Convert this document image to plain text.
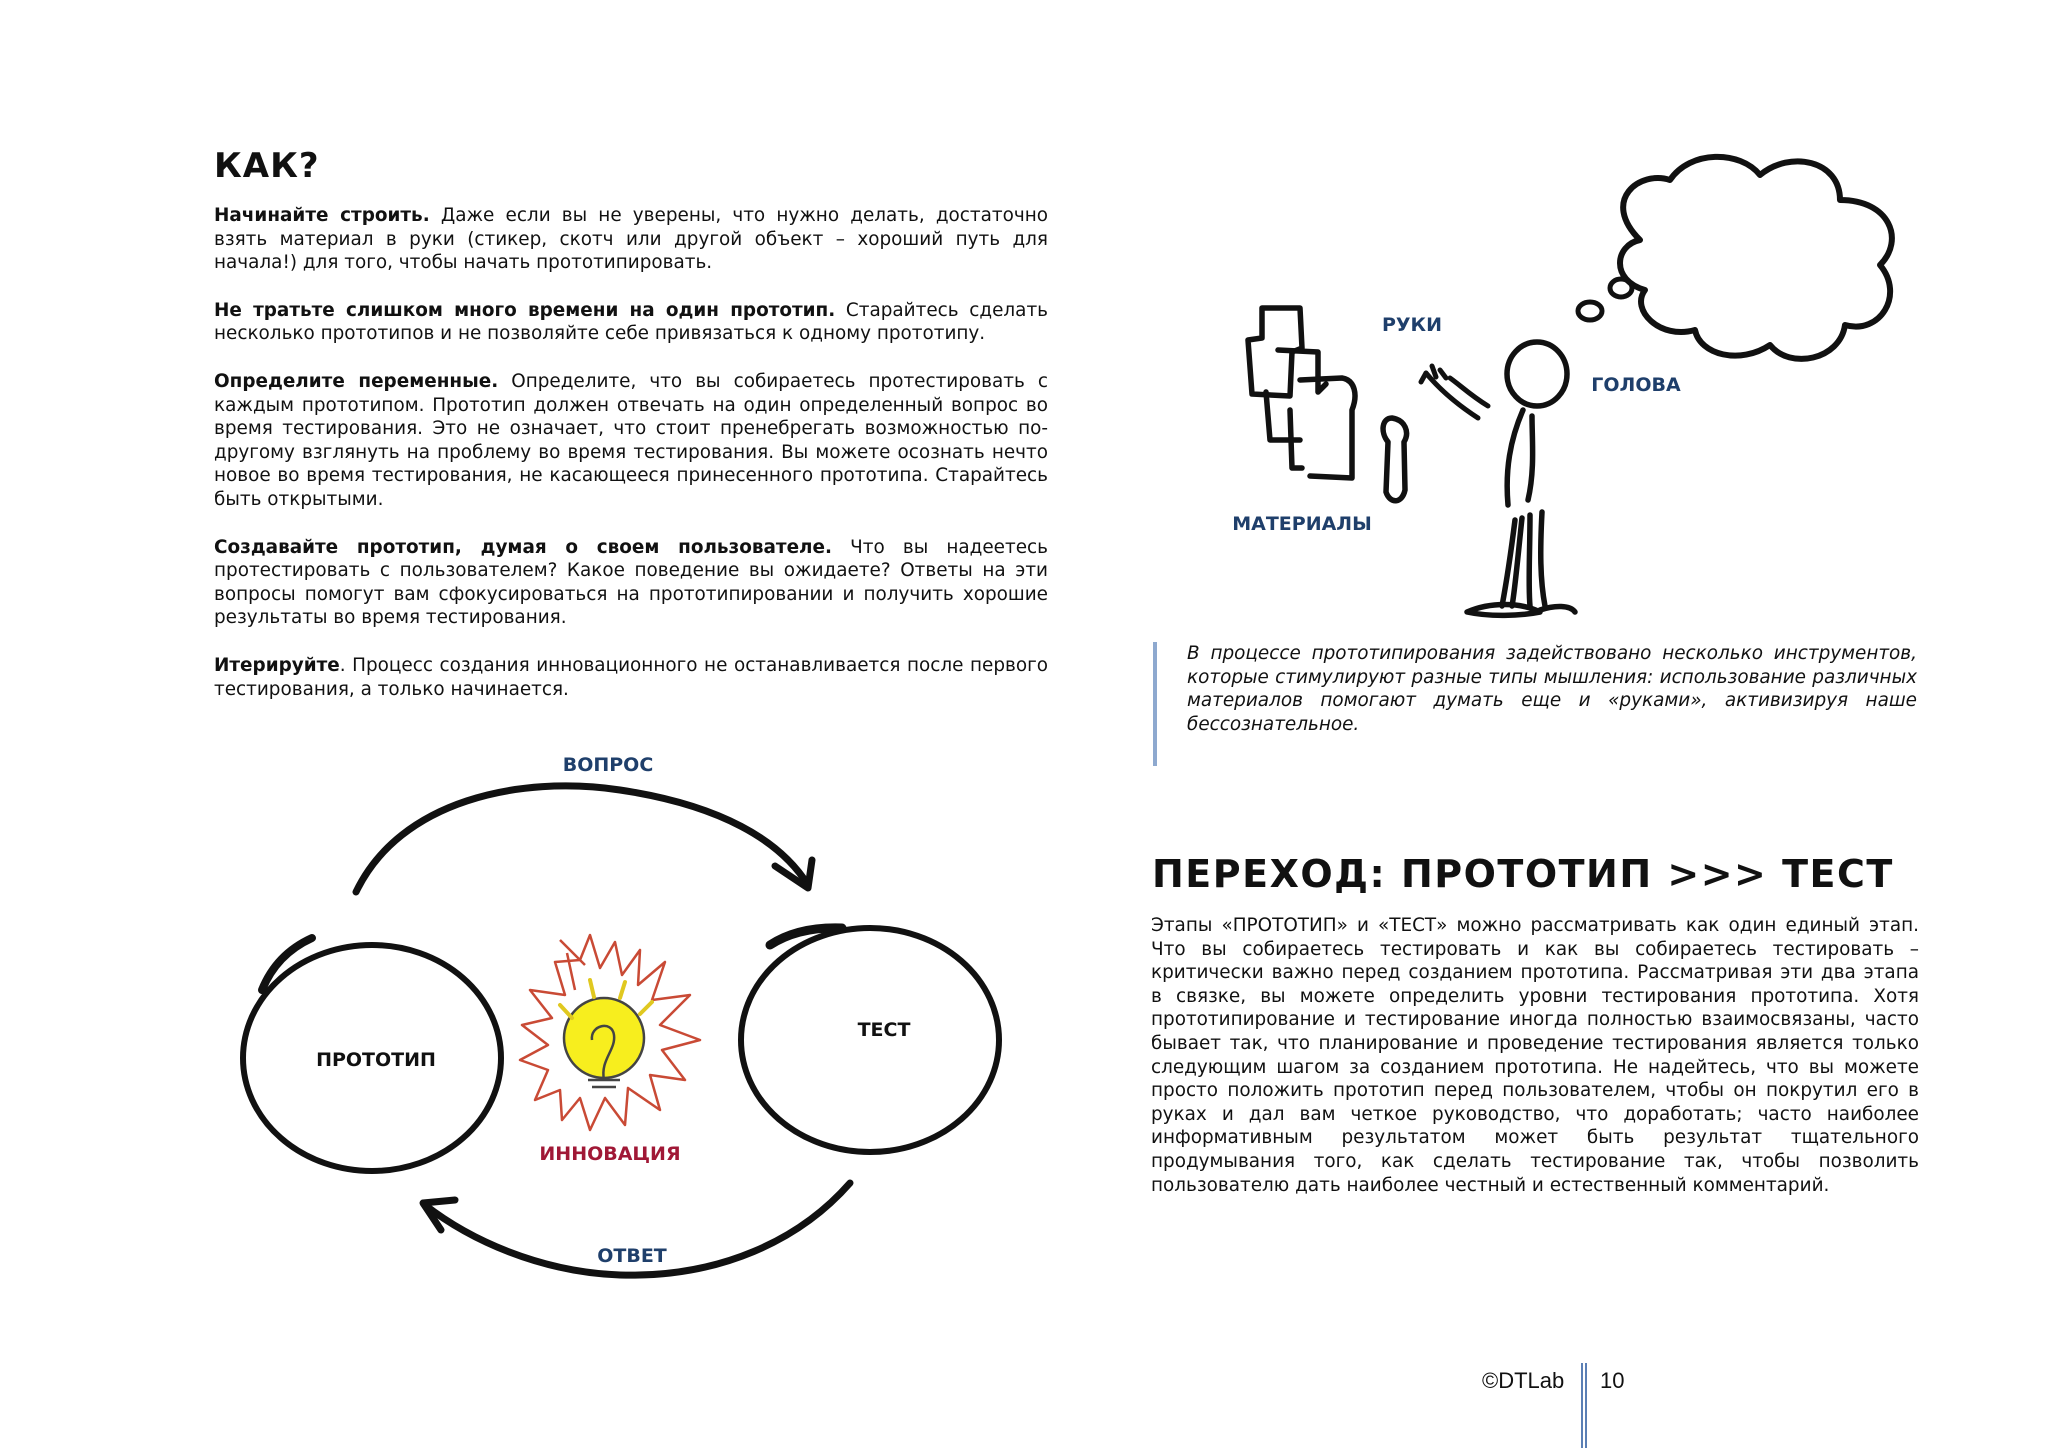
КАК?

Начинайте строить. Даже если вы не уверены, что нужно делать, достаточно взять материал в руки (стикер, скотч или другой объект – хороший путь для начала!) для того, чтобы начать прототипировать.

Не тратьте слишком много времени на один прототип. Старайтесь сделать несколько прототипов и не позволяйте себе привязаться к одному прототипу.

Определите переменные. Определите, что вы собираетесь протестировать с каждым прототипом. Прототип должен отвечать на один определенный вопрос во время тестирования. Это не означает, что стоит пренебрегать возможностью по-другому взглянуть на проблему во время тестирования. Вы можете осознать нечто новое во время тестирования, не касающееся принесенного прототипа. Старайтесь быть открытыми.

Создавайте прототип, думая о своем пользователе. Что вы надеетесь протестировать с пользователем? Какое поведение вы ожидаете? Ответы на эти вопросы помогут вам сфокусироваться на прототипировании и получить хорошие результаты во время тестирования.

Итерируйте. Процесс создания инновационного не останавливается после первого тестирования, а только начинается.

ВОПРОС
ПРОТОТИП
ТЕСТ
ИННОВАЦИЯ
ОТВЕТ
РУКИ
ГОЛОВА
МАТЕРИАЛЫ

В процессе прототипирования задействовано несколько инструментов, которые стимулируют разные типы мышления: использование различных материалов помогают думать еще и «руками», активизируя наше бессознательное.

ПЕРЕХОД: ПРОТОТИП >>> ТЕСТ

Этапы «ПРОТОТИП» и «ТЕСТ» можно рассматривать как один единый этап. Что вы собираетесь тестировать и как вы собираетесь тестировать – критически важно перед созданием прототипа. Рассматривая эти два этапа в связке, вы можете определить уровни тестирования прототипа. Хотя прототипирование и тестирование иногда полностью взаимосвязаны, часто бывает так, что планирование и проведение тестирования является только следующим шагом за созданием прототипа. Не надейтесь, что вы можете просто положить прототип перед пользователем, чтобы он покрутил его в руках и дал вам четкое руководство, что доработать; часто наиболее информативным результатом может быть результат тщательного продумывания того, как сделать тестирование так, чтобы позволить пользователю дать наиболее честный и естественный комментарий.

©DTLab 10
